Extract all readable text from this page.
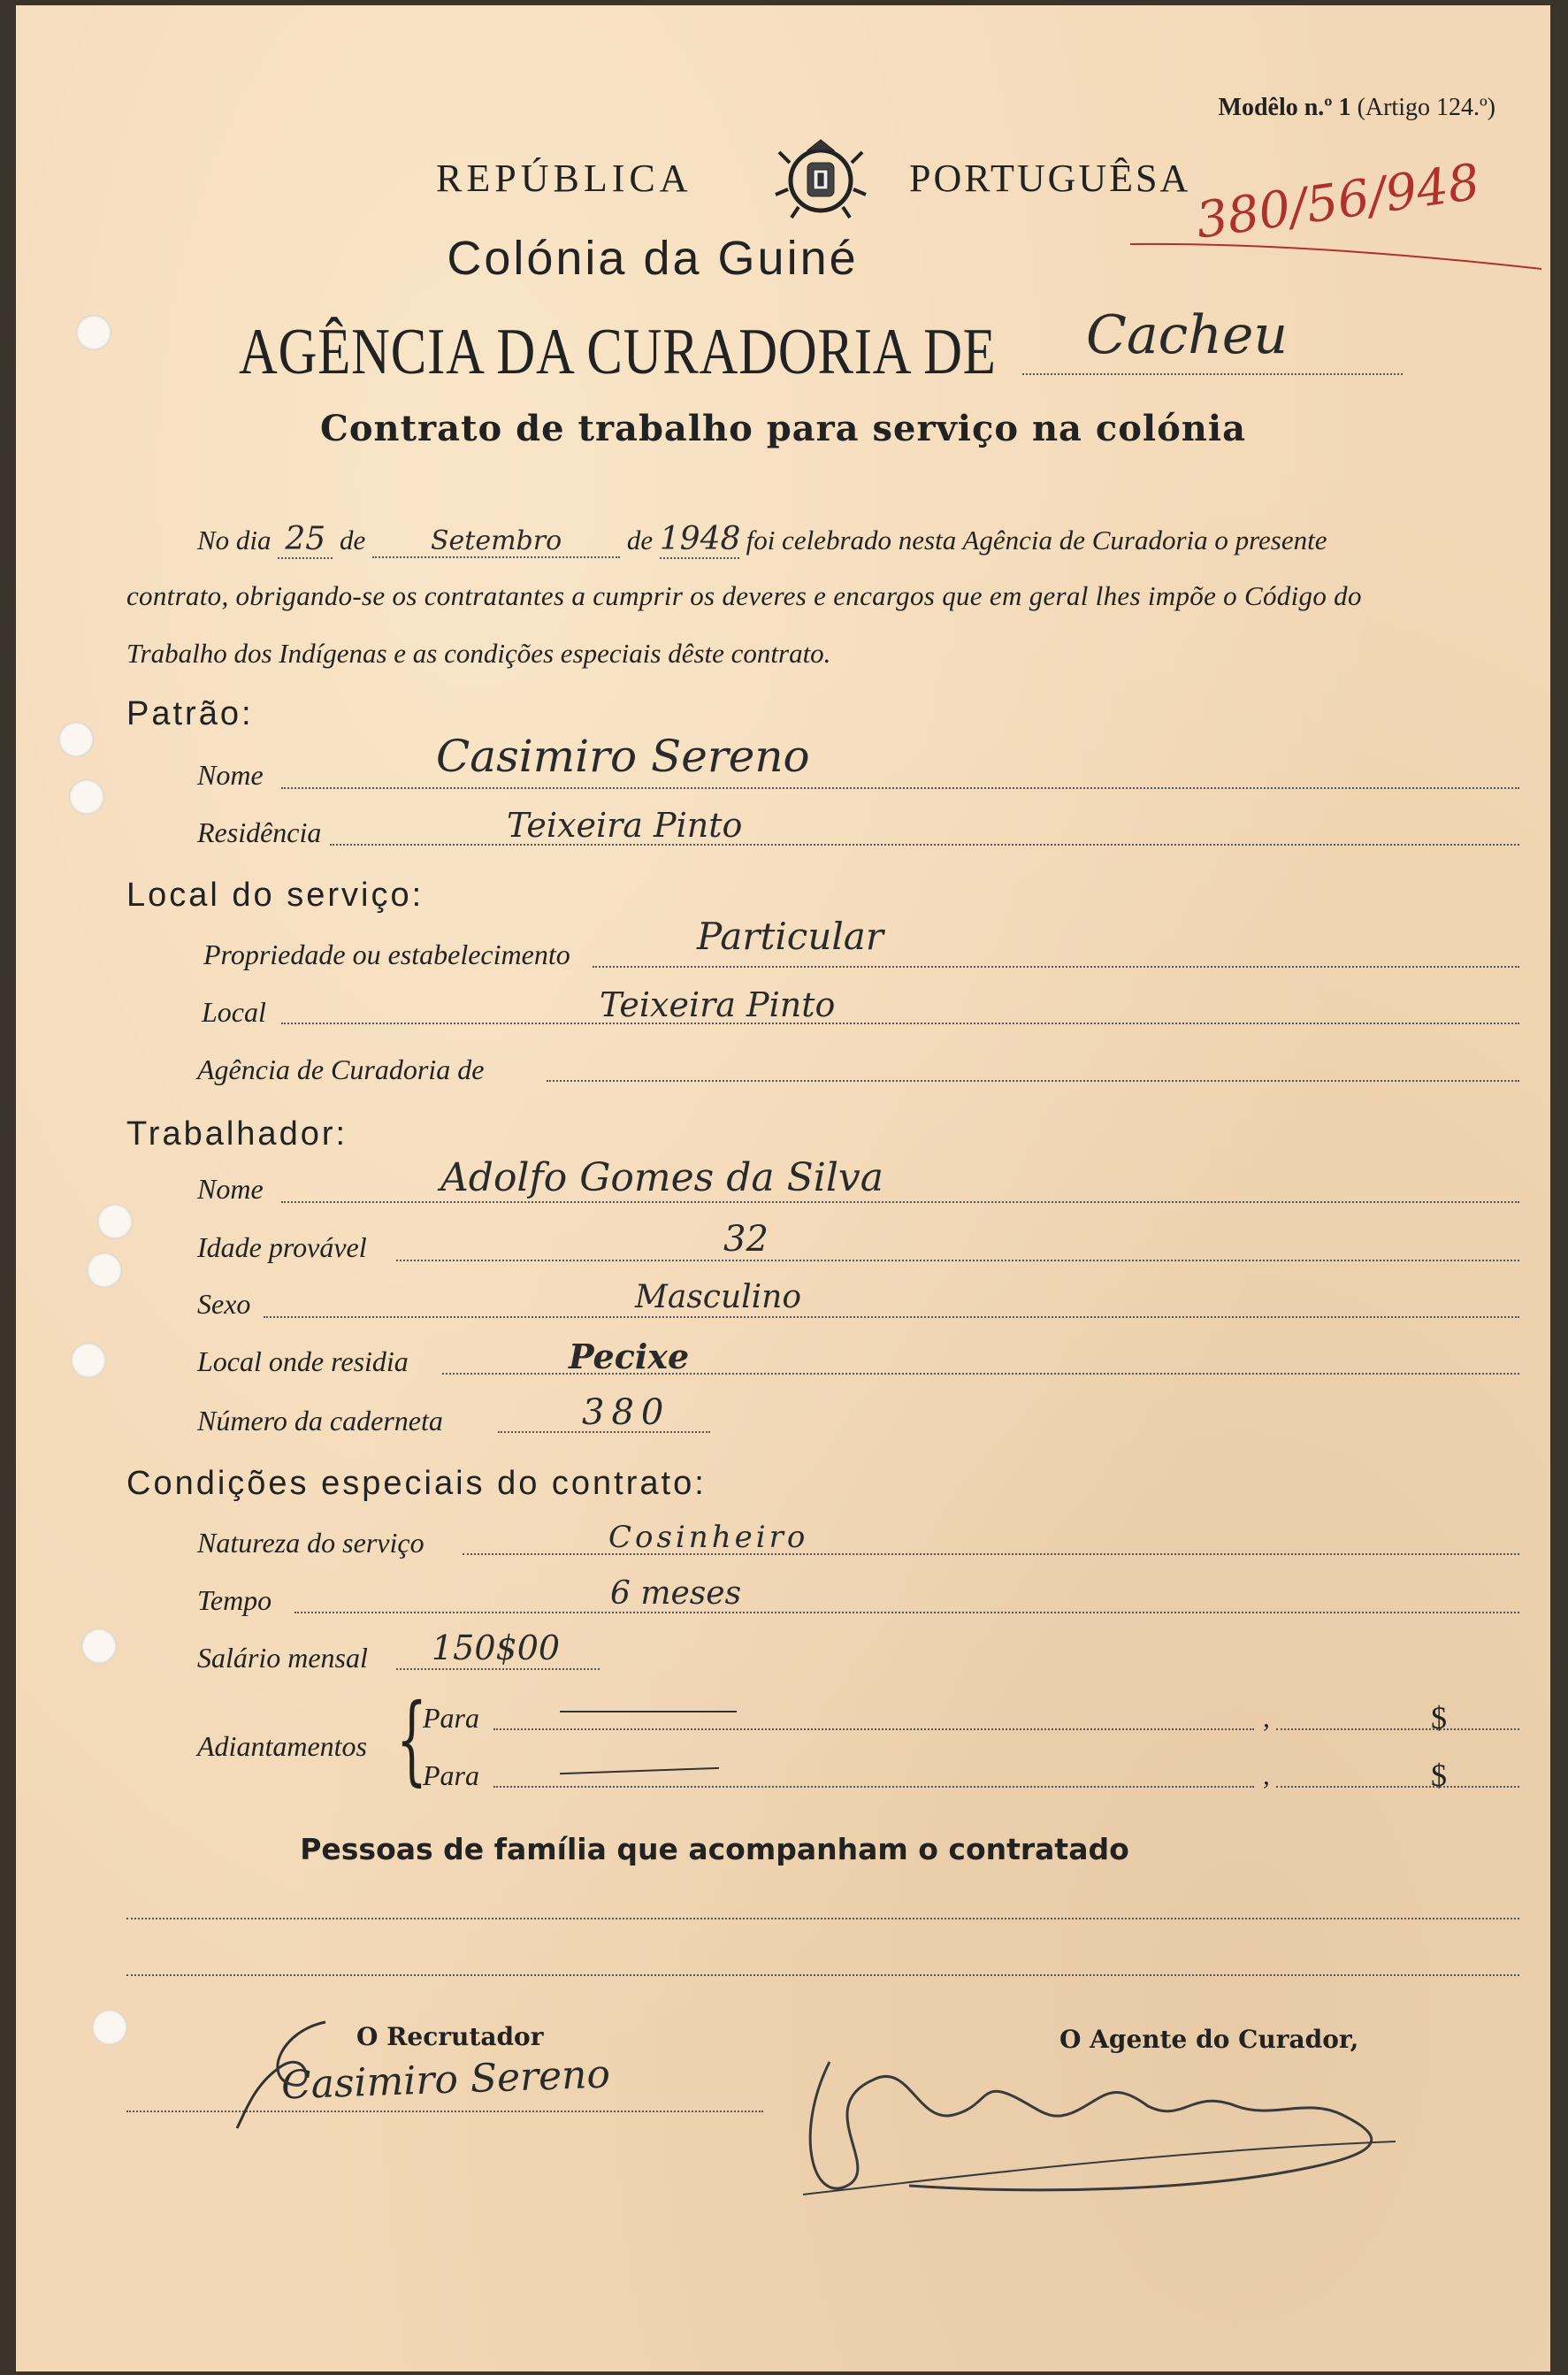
Modêlo n.º 1 (Artigo 124.º)
REPÚBLICA	PORTUGUÊSA 380/56/948
Colónia da Guiné
AGÊNCIA DA CURADORIA DE Cacheu
Contrato de trabalho para serviço na colónia
No dia 25 de Setembro de 1948 foi celebrado nesta Agência de Curadoria o presente
contrato, obrigando-se os contratantes a cumprir os deveres e encargos que em geral lhes impõe o Código do
Trabalho dos Indígenas e as condições especiais dêste contrato.
Patrão:
Nome	Casimiro Sereno
Residência	Teixeira Pinto
Local do serviço:
Propriedade ou estabelecimento	Particular
Local	Teixeira Pinto
Agência de Curadoria de
Trabalhador:
Nome	Adolfo Gomes da Silva
Idade provável	32
Sexo	Masculino
Local onde residia	Pecixe
Número da caderneta	380
Condições especiais do contrato:
Natureza do serviço	Cosinheiro
Tempo	6 meses
Salário mensal 150$00
Adiantamentos {
Para	,	$
Para	,	$
Pessoas de família que acompanham o contratado
O Recrutador
Casimiro Sereno
O Agente do Curador,
